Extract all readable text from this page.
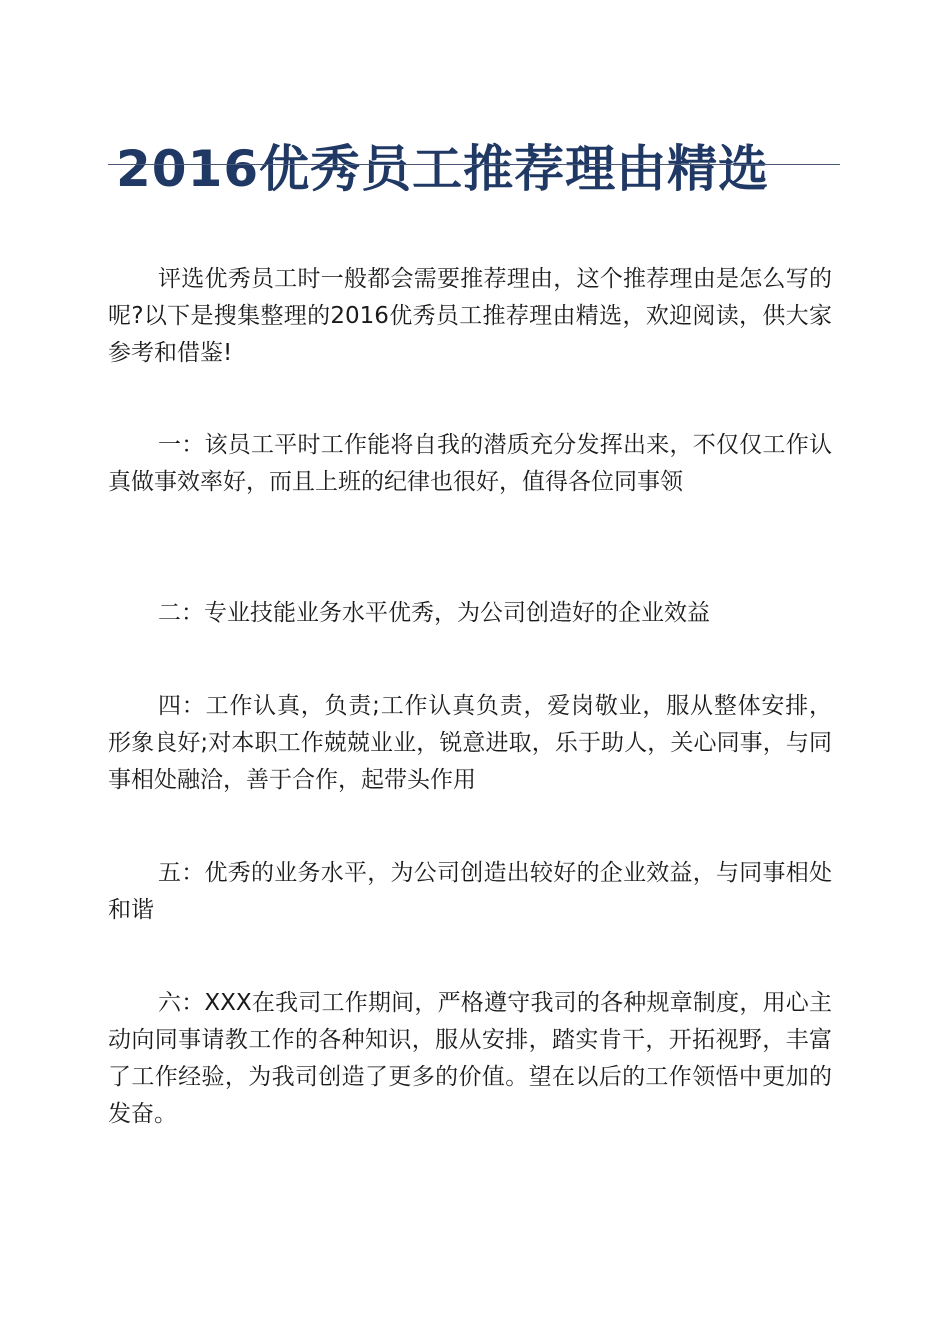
2016优秀员工推荐理由精选

评选优秀员工时一般都会需要推荐理由，这个推荐理由是怎么写的呢?以下是搜集整理的2016优秀员工推荐理由精选，欢迎阅读，供大家参考和借鉴!

一：该员工平时工作能将自我的潜质充分发挥出来，不仅仅工作认真做事效率好，而且上班的纪律也很好，值得各位同事领

二：专业技能业务水平优秀，为公司创造好的企业效益

四：工作认真，负责;工作认真负责，爱岗敬业，服从整体安排，形象良好;对本职工作兢兢业业，锐意进取，乐于助人，关心同事，与同事相处融洽，善于合作，起带头作用

五：优秀的业务水平，为公司创造出较好的企业效益，与同事相处和谐

六：XXX在我司工作期间，严格遵守我司的各种规章制度，用心主动向同事请教工作的各种知识，服从安排，踏实肯干，开拓视野，丰富了工作经验，为我司创造了更多的价值。望在以后的工作领悟中更加的发奋。
